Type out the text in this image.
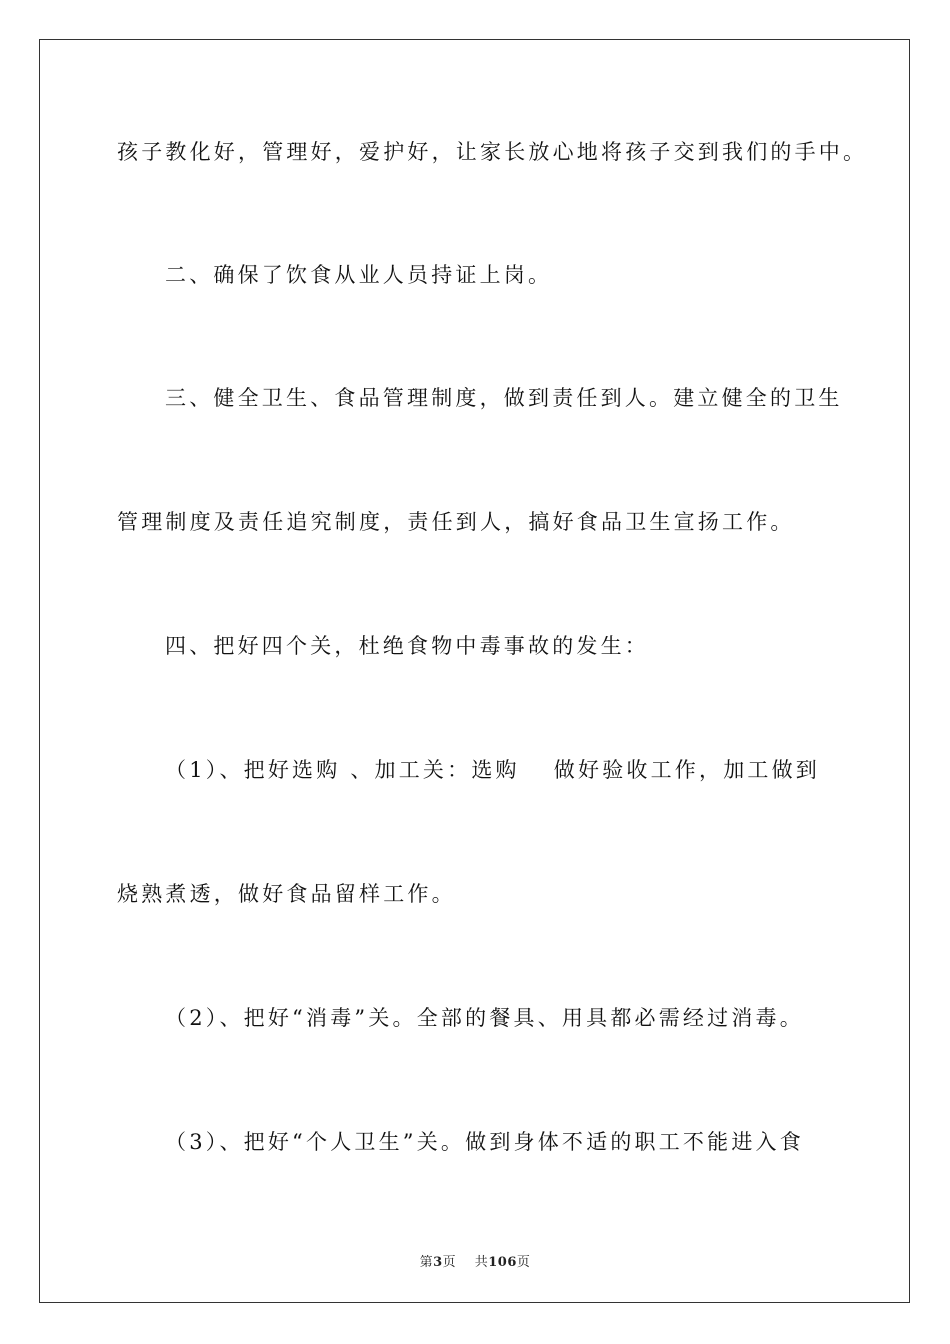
孩子教化好，管理好，爱护好，让家长放心地将孩子交到我们的手中。
二、确保了饮食从业人员持证上岗。
三、健全卫生、食品管理制度，做到责任到人。建立健全的卫生
管理制度及责任追究制度，责任到人，搞好食品卫生宣扬工作。
四、把好四个关，杜绝食物中毒事故的发生：
（1）、把好选购 、加工关：选购　 做好验收工作，加工做到
烧熟煮透，做好食品留样工作。
（2）、把好“消毒”关。全部的餐具、用具都必需经过消毒。
（3）、把好“个人卫生”关。做到身体不适的职工不能进入食
第3页 共106页
